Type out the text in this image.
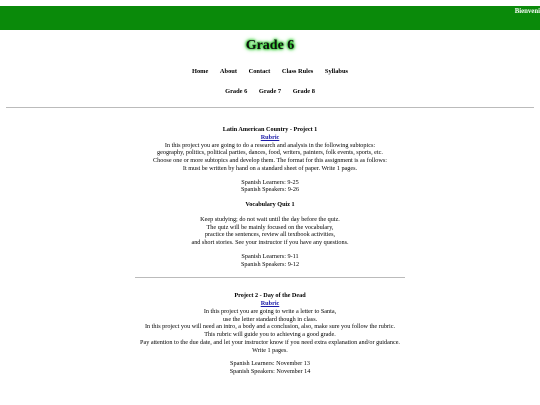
Bienveni
Grade 6
Home About Contact Class Rules Syllabus
Grade 6 Grade 7 Grade 8
Latin American Country - Project 1
Rubric

In this project you are going to do a research and analysis in the following subtopics:

geography, politics, political parties, dances, food, writers, painters, folk events, sports, etc.

Choose one or more subtopics and develop them. The format for this assignment is as follows:

It must be written by hand on a standard sheet of paper. Write 1 pages.

Spanish Learners: 9-25
Spanish Speakers: 9-26
Vocabulary Quiz 1

Keep studying; do not wait until the day before the quiz.

The quiz will be mainly focused on the vocabulary,

practice the sentences, review all textbook activities,

and short stories. See your instructor if you have any questions.

Spanish Learners: 9-11
Spanish Speakers: 9-12
Project 2 - Day of the Dead
Rubric

In this project you are going to write a letter to Santa,

use the letter standard though in class.

In this project you will need an intro, a body and a conclusion, also, make sure you follow the rubric.

This rubric will guide you to achieving a good grade.

Pay attention to the due date, and let your instructor know if you need extra explanation and/or guidance.

Write 1 pages.

Spanish Learners: November 13
Spanish Speakers: November 14
